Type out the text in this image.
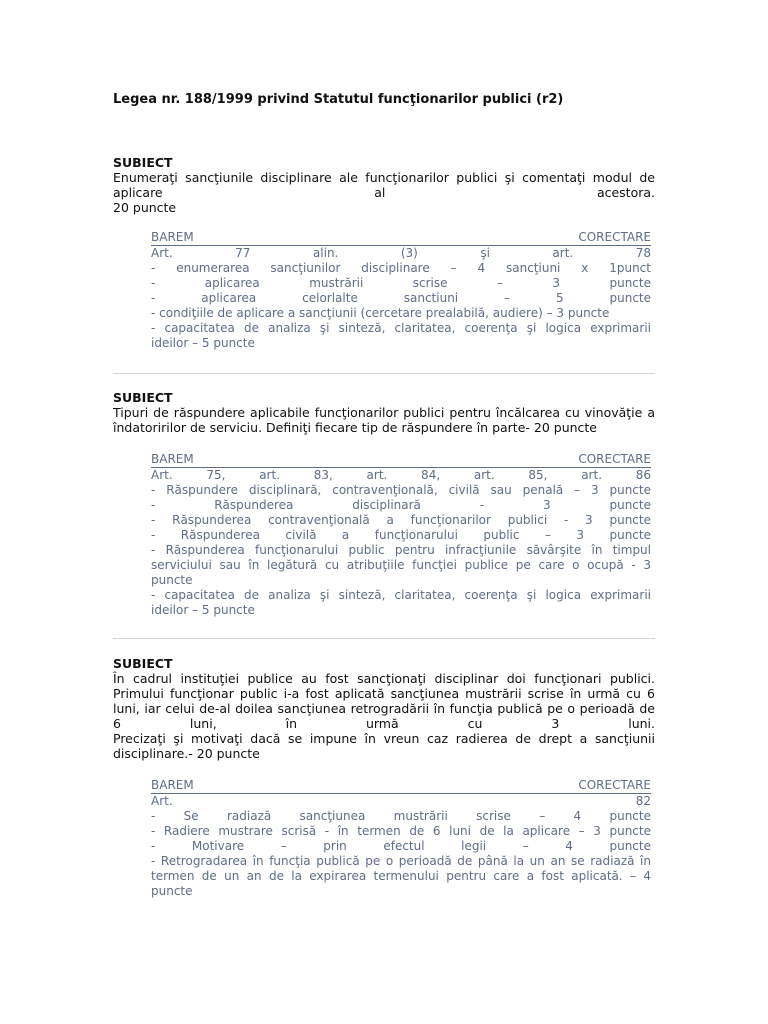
Legea nr. 188/1999 privind Statutul funcţionarilor publici (r2)
SUBIECT
Enumeraţi sancţiunile disciplinare ale funcţionarilor publici şi comentaţi modul de
aplicare al acestora.
20 puncte
BAREM	CORECTARE
Art. 77 alin. (3) şi art. 78
- enumerarea sancţiunilor disciplinare – 4 sancţiuni x 1punct
- aplicarea mustrării scrise – 3 puncte
- aplicarea celorlalte sanctiuni – 5 puncte
- condiţiile de aplicare a sancţiunii (cercetare prealabilă, audiere) – 3 puncte
- capacitatea de analiza şi sinteză, claritatea, coerenţa şi logica exprimarii
ideilor – 5 puncte
SUBIECT
Tipuri de răspundere aplicabile funcţionarilor publici pentru încălcarea cu vinovăţie a
îndatoririlor de serviciu. Definiţi fiecare tip de răspundere în parte- 20 puncte
BAREM	CORECTARE
Art. 75, art. 83, art. 84, art. 85, art. 86
- Răspundere disciplinară, contravenţională, civilă sau penală – 3 puncte
- Răspunderea disciplinară - 3 puncte
- Răspunderea contravenţională a funcţionarilor publici - 3 puncte
- Răspunderea civilă a funcţionarului public – 3 puncte
- Răspunderea funcţionarului public pentru infracţiunile săvârşite în timpul
serviciului sau în legătură cu atribuţiile funcţiei publice pe care o ocupă - 3
puncte
- capacitatea de analiza şi sinteză, claritatea, coerenţa şi logica exprimarii
ideilor – 5 puncte
SUBIECT
În cadrul instituţiei publice au fost sancţionaţi disciplinar doi funcţionari publici.
Primului funcţionar public i-a fost aplicată sancţiunea mustrării scrise în urmă cu 6
luni, iar celui de-al doilea sancţiunea retrogradării în funcţia publică pe o perioadă de
6 luni, în urmă cu 3 luni.
Precizaţi şi motivaţi dacă se impune în vreun caz radierea de drept a sancţiunii
disciplinare.- 20 puncte
BAREM	CORECTARE
Art. 82
- Se radiază sancţiunea mustrării scrise – 4 puncte
- Radiere mustrare scrisă - în termen de 6 luni de la aplicare – 3 puncte
- Motivare – prin efectul legii – 4 puncte
- Retrogradarea în funcţia publică pe o perioadă de până la un an se radiază în
termen de un an de la expirarea termenului pentru care a fost aplicată. – 4
puncte
